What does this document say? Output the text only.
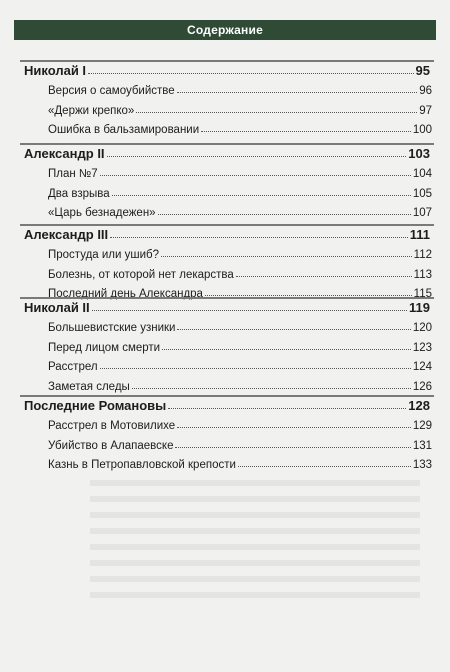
Содержание
Николай I	95
Версия о самоубийстве	96
«Держи крепко»	97
Ошибка в бальзамировании	100
Александр II	103
План №7	104
Два взрыва	105
«Царь безнадежен»	107
Александр III	111
Простуда или ушиб?	112
Болезнь, от которой нет лекарства	113
Последний день Александра	115
Николай II	119
Большевистские узники	120
Перед лицом смерти	123
Расстрел	124
Заметая следы	126
Последние Романовы	128
Расстрел в Мотовилихе	129
Убийство в Алапаевске	131
Казнь в Петропавловской крепости	133
